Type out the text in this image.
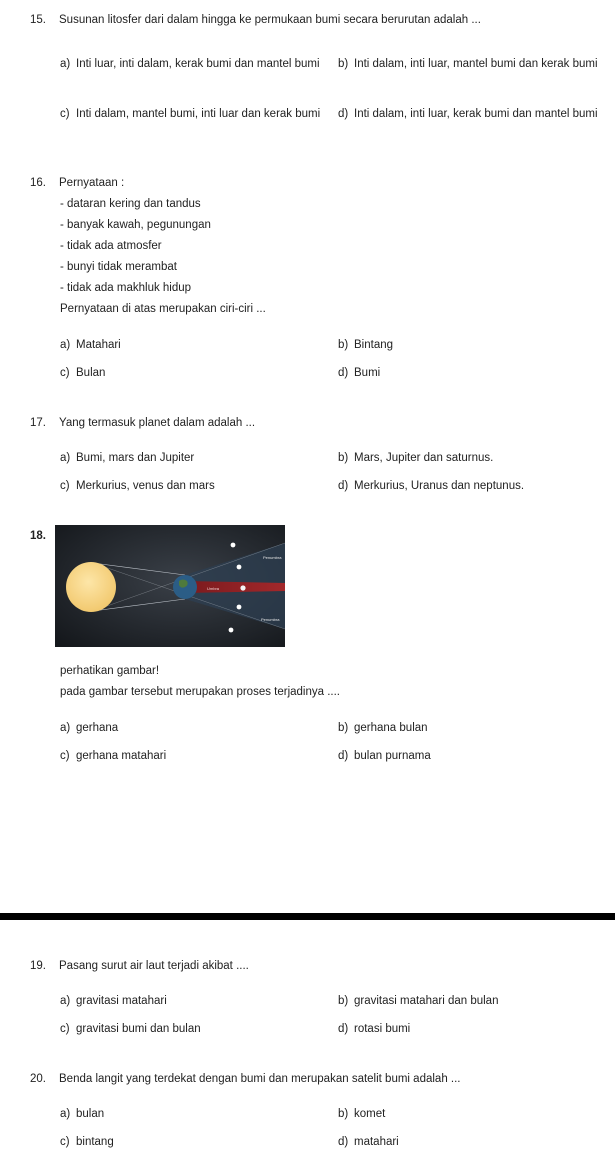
15. Susunan litosfer dari dalam hingga ke permukaan bumi secara berurutan adalah ...
a) Inti luar, inti dalam, kerak bumi dan mantel bumi	b) Inti dalam, inti luar, mantel bumi dan kerak bumi
c) Inti dalam, mantel bumi, inti luar dan kerak bumi	d) Inti dalam, inti luar, kerak bumi dan mantel bumi
16. Pernyataan :
- dataran kering dan tandus
- banyak kawah, pegunungan
- tidak ada atmosfer
- bunyi tidak merambat
- tidak ada makhluk hidup
Pernyataan di atas merupakan ciri-ciri ...
a) Matahari	b) Bintang
c) Bulan	d) Bumi
17. Yang termasuk planet dalam adalah ...
a) Bumi, mars dan Jupiter	b) Mars, Jupiter dan saturnus.
c) Merkurius, venus dan mars	d) Merkurius, Uranus dan neptunus.
18.
Penumbra
Umbra
Penumbra
perhatikan gambar!
pada gambar tersebut merupakan proses terjadinya ....
a) gerhana	b) gerhana bulan
c) gerhana matahari	d) bulan purnama
19. Pasang surut air laut terjadi akibat ....
a) gravitasi matahari	b) gravitasi matahari dan bulan
c) gravitasi bumi dan bulan	d) rotasi bumi
20. Benda langit yang terdekat dengan bumi dan merupakan satelit bumi adalah ...
a) bulan	b) komet
c) bintang	d) matahari
